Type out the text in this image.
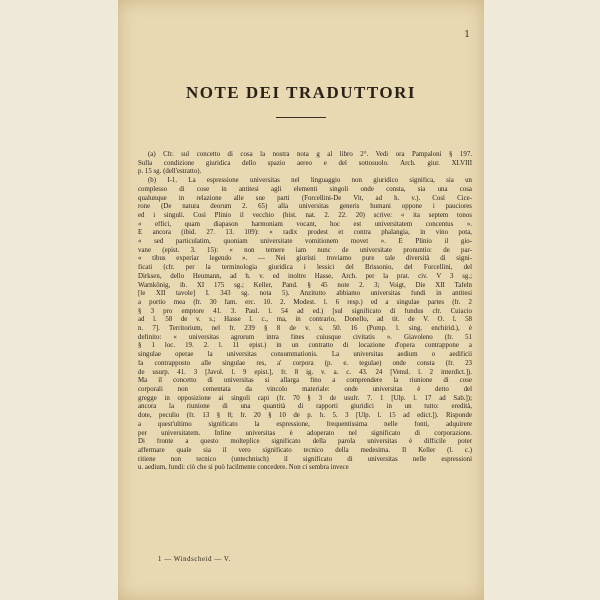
1
NOTE DEI TRADUTTORI
(a) Cfr. sul concetto di cosa la nostra nota g al libro 2°. Vedi ora Pampaloni § 197.
Sulla condizione giuridica dello spazio aereo e del sottosuolo. Arch. giur. XLVIII
p. 15 sg. (dell'estratto).
(b) I-1. La espressione universitas nel linguaggio non giuridico significa, sia un
complesso di cose in antitesi agli elementi singoli onde consta, sia una cosa
qualunque in relazione alle sue parti (Forcellini-De Vit, ad h. v.). Così Cice-
rone (De natura deorum 2. 65) alla universitas generis humani oppone i pauciores
ed i singuli. Così Plinio il vecchio (hist. nat. 2. 22. 20) scrive: « ita septem tonos
« effici, quam diapason harmoniam vocant, hoc est universitatem concentus ».
E ancora (ibid. 27. 13. 109): « radix prodest et contra phalangia, in vino pota,
« sed particulatim, quoniam universitate vomitionem movet ». E Plinio il gio-
vane (epist. 3. 15): « non temere iam nunc de universitate pronuntio: de par-
« tibus experiar legendo ». — Nei giuristi troviamo pure tale diversità di signi-
ficati (cfr. per la terminologia giuridica i lessici del Brissonio, del Forcellini, del
Dirksen, dello Heumann, ad h. v. ed inoltre Hasse, Arch. per la prat. civ. V 3 sg.;
Warnkönig, ib. XI 175 sg.; Keller, Pand. § 45 note 2. 3; Voigt, Die XII Tafeln
[le XII tavole] I. 343 sg. nota 5). Anzitutto abbiamo universitas fundi in antitesi
a portio mea (fr. 30 fam. erc. 10. 2. Modest. l. 6 resp.) ed a singulae partes (fr. 2
§ 3 pro emptore 41. 3. Paul. l. 54 ad ed.) [sul significato di fundus cfr. Cuiacio
ad l. 58 de v. s.; Hasse l. c., ma, in contrario, Donello, ad tit. de V. O. l. 58
n. 7]. Territorium, nel fr. 239 § 8 de v. s. 50. 16 (Pomp. l. sing. enchirid.), è
definito: « universitas agrorum intra fines cuiusque civitatis ». Giavoleno (fr. 51
§ 1 loc. 19. 2. l. 11 epist.) in un contratto di locazione d'opera contrappone a
singulae operae la universitas consummationis. La universitas aedium o aedificii
fa contrapposto alle singulae res, a' corpora (p. e. tegulae) onde consta (fr. 23
de usurp. 41. 3 [Javol. l. 9 epist.], fr. 8 ig. v. a. c. 43. 24 [Venul. l. 2 interdict.]).
Ma il concetto di universitas si allarga fino a comprendere la riunione di cose
corporali non cementata da vincolo materiale: onde universitas è detto del
gregge in opposizione ai singoli capi (fr. 70 § 3 de usufr. 7. 1 [Ulp. l. 17 ad Sab.]);
ancora la riunione di una quantità di rapporti giuridici in un tutto: eredità,
dote, peculio (fr. 13 § 8; fr. 20 § 10 de p. h. 5. 3 [Ulp. l. 15 ad edict.]). Risponde
a quest'ultimo significato la espressione, frequentissima nelle fonti, adquirere
per universitatem. Infine universitas è adoperato nel significato di corporazione.
Di fronte a questo molteplice significato della parola universitas è difficile poter
affermare quale sia il vero significato tecnico della medesima. Il Keller (l. c.)
ritiene non tecnico (untechnisch) il significato di universitas nelle espressioni
u. aedium, fundi: ciò che si può facilmente concedere. Non ci sembra invece
1 — Windscheid — V.
